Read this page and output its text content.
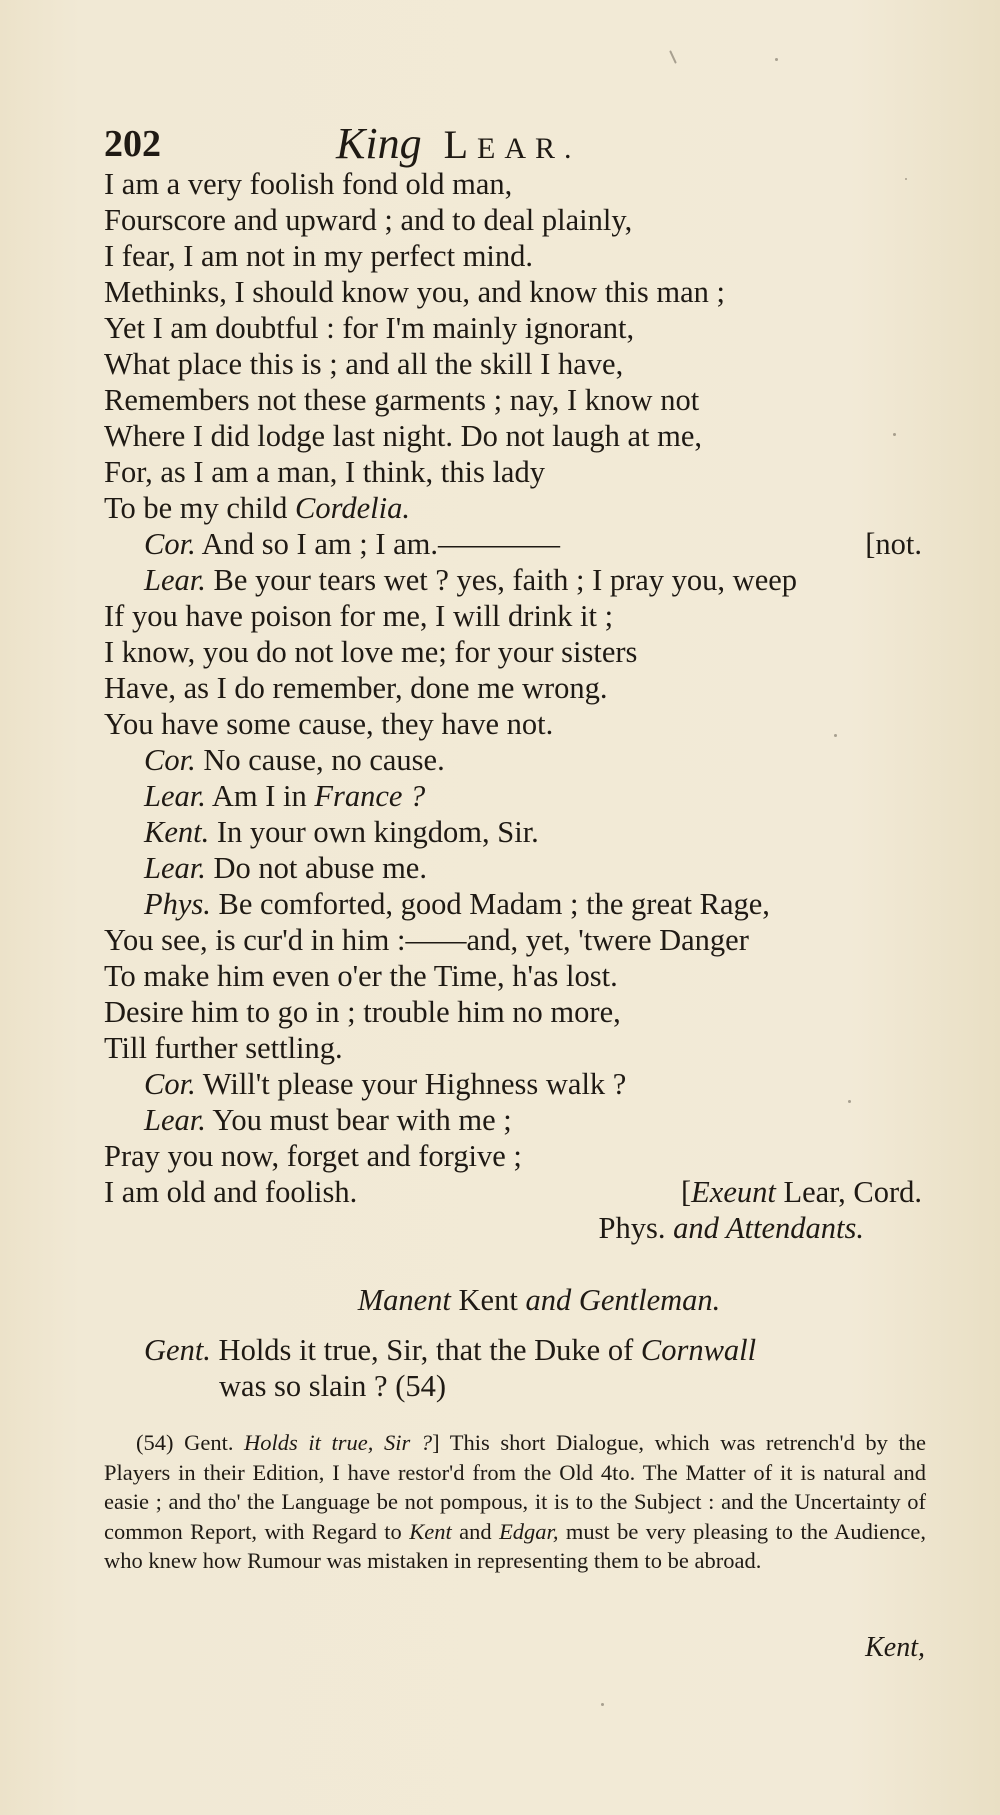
202	King LEAR.
I am a very foolish fond old man,
Fourscore and upward ; and to deal plainly,
I fear, I am not in my perfect mind.
Methinks, I should know you, and know this man ;
Yet I am doubtful : for I'm mainly ignorant,
What place this is ; and all the skill I have,
Remembers not these garments ; nay, I know not
Where I did lodge last night. Do not laugh at me,
For, as I am a man, I think, this lady
To be my child Cordelia.
Cor. And so I am ; I am.————	[not.
Lear. Be your tears wet ? yes, faith ; I pray you, weep
If you have poison for me, I will drink it ;
I know, you do not love me; for your sisters
Have, as I do remember, done me wrong.
You have some cause, they have not.
Cor. No cause, no cause.
Lear. Am I in France ?
Kent. In your own kingdom, Sir.
Lear. Do not abuse me.
Phys. Be comforted, good Madam ; the great Rage,
You see, is cur'd in him :——and, yet, 'twere Danger
To make him even o'er the Time, h'as lost.
Desire him to go in ; trouble him no more,
Till further settling.
Cor. Will't please your Highness walk ?
Lear. You must bear with me ;
Pray you now, forget and forgive ;
I am old and foolish.	[Exeunt Lear, Cord.
Phys. and Attendants.
Manent Kent and Gentleman.
Gent. Holds it true, Sir, that the Duke of Cornwall
was so slain ? (54)

(54) Gent. Holds it true, Sir ?] This short Dialogue, which was retrench'd by the Players in their Edition, I have restor'd from the Old 4to. The Matter of it is natural and easie ; and tho' the Language be not pompous, it is to the Subject : and the Uncertainty of common Report, with Regard to Kent and Edgar, must be very pleasing to the Audience, who knew how Rumour was mistaken in representing them to be abroad.

Kent,
